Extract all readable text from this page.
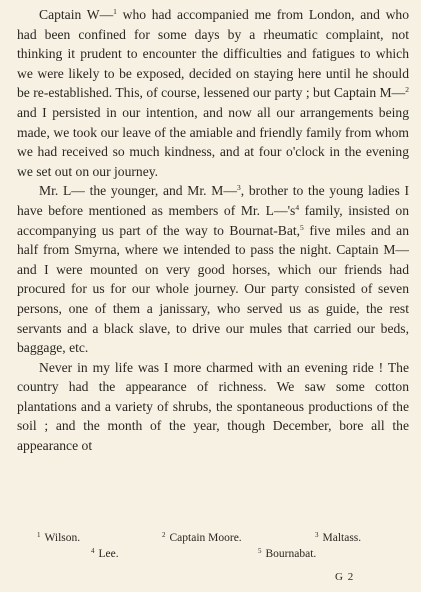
Captain W—$^1$ who had accompanied me from London, and who had been confined for some days by a rheumatic complaint, not thinking it prudent to encounter the difficulties and fatigues to which we were likely to be exposed, decided on staying here until he should be re-established. This, of course, lessened our party ; but Captain M—$^2$ and I persisted in our intention, and now all our arrangements being made, we took our leave of the amiable and friendly family from whom we had received so much kindness, and at four o'clock in the evening we set out on our journey.

Mr. L— the younger, and Mr. M—$^3$, brother to the young ladies I have before mentioned as members of Mr. $L—'s^4$ family, insisted on accompanying us part of the way to Bournat-Bat,$^5$ five miles and an half from Smyrna, where we intended to pass the night. Captain M— and I were mounted on very good horses, which our friends had procured for us for our whole journey. Our party consisted of seven persons, one of them a janissary, who served us as guide, the rest servants and a black slave, to drive our mules that carried our beds, baggage, etc.

Never in my life was I more charmed with an evening ride ! The country had the appearance of richness. We saw some cotton plantations and a variety of shrubs, the spontaneous productions of the soil ; and the month of the year, though December, bore all the appearance ot

$^1$ Wilson.	$^2$ Captain Moore.	$^3$ Maltass.
$^4$ Lee.	$^5$ Bournabat.
G 2
